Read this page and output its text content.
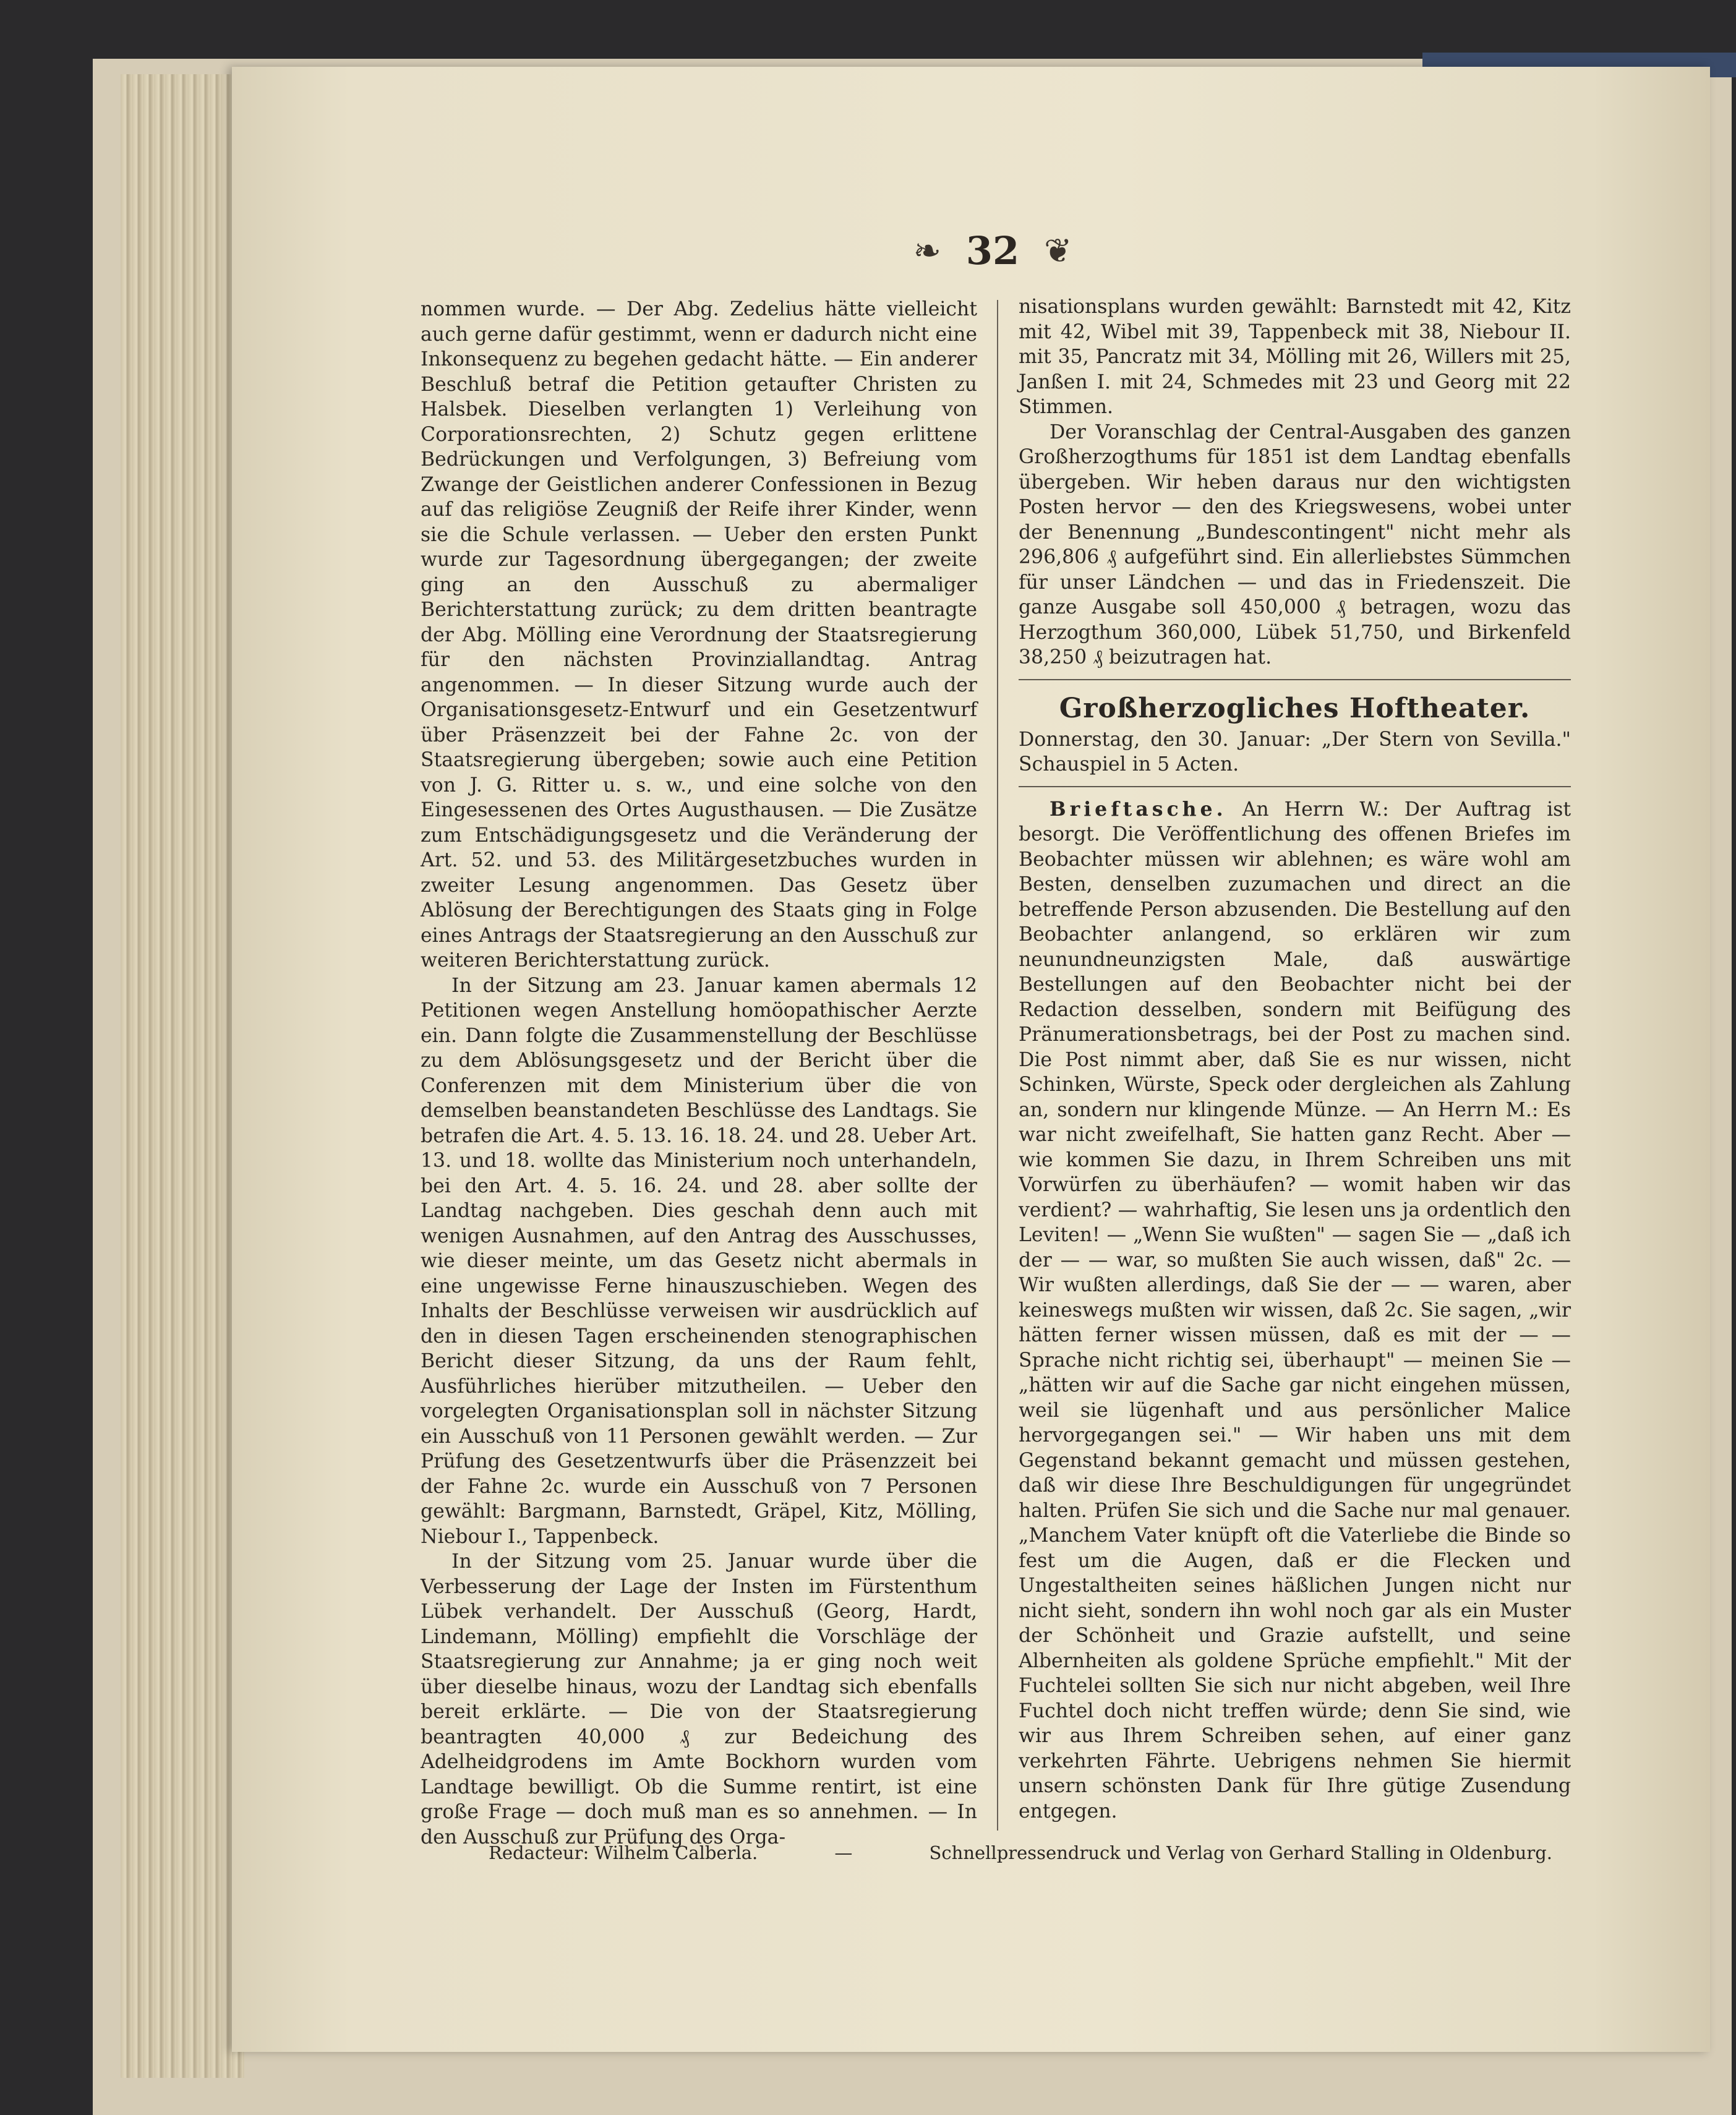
❧ 32 ❦

nommen wurde. — Der Abg. Zedelius hätte vielleicht auch gerne dafür gestimmt, wenn er dadurch nicht eine Inkonsequenz zu begehen gedacht hätte. — Ein anderer Beschluß betraf die Petition getaufter Christen zu Halsbek. Dieselben verlangten 1) Verleihung von Corporationsrechten, 2) Schutz gegen erlittene Bedrückungen und Verfolgungen, 3) Befreiung vom Zwange der Geistlichen anderer Confessionen in Bezug auf das religiöse Zeugniß der Reife ihrer Kinder, wenn sie die Schule verlassen. — Ueber den ersten Punkt wurde zur Tagesordnung übergegangen; der zweite ging an den Ausschuß zu abermaliger Berichterstattung zurück; zu dem dritten beantragte der Abg. Mölling eine Verordnung der Staatsregierung für den nächsten Provinziallandtag. Antrag angenommen. — In dieser Sitzung wurde auch der Organisationsgesetz-Entwurf und ein Gesetzentwurf über Präsenzzeit bei der Fahne 2c. von der Staatsregierung übergeben; sowie auch eine Petition von J. G. Ritter u. s. w., und eine solche von den Eingesessenen des Ortes Augusthausen. — Die Zusätze zum Entschädigungsgesetz und die Veränderung der Art. 52. und 53. des Militärgesetzbuches wurden in zweiter Lesung angenommen. Das Gesetz über Ablösung der Berechtigungen des Staats ging in Folge eines Antrags der Staatsregierung an den Ausschuß zur weiteren Berichterstattung zurück.

In der Sitzung am 23. Januar kamen abermals 12 Petitionen wegen Anstellung homöopathischer Aerzte ein. Dann folgte die Zusammenstellung der Beschlüsse zu dem Ablösungsgesetz und der Bericht über die Conferenzen mit dem Ministerium über die von demselben beanstandeten Beschlüsse des Landtags. Sie betrafen die Art. 4. 5. 13. 16. 18. 24. und 28. Ueber Art. 13. und 18. wollte das Ministerium noch unterhandeln, bei den Art. 4. 5. 16. 24. und 28. aber sollte der Landtag nachgeben. Dies geschah denn auch mit wenigen Ausnahmen, auf den Antrag des Ausschusses, wie dieser meinte, um das Gesetz nicht abermals in eine ungewisse Ferne hinauszuschieben. Wegen des Inhalts der Beschlüsse verweisen wir ausdrücklich auf den in diesen Tagen erscheinenden stenographischen Bericht dieser Sitzung, da uns der Raum fehlt, Ausführliches hierüber mitzutheilen. — Ueber den vorgelegten Organisationsplan soll in nächster Sitzung ein Ausschuß von 11 Personen gewählt werden. — Zur Prüfung des Gesetzentwurfs über die Präsenzzeit bei der Fahne 2c. wurde ein Ausschuß von 7 Personen gewählt: Bargmann, Barnstedt, Gräpel, Kitz, Mölling, Niebour I., Tappenbeck.

In der Sitzung vom 25. Januar wurde über die Verbesserung der Lage der Insten im Fürstenthum Lübek verhandelt. Der Ausschuß (Georg, Hardt, Lindemann, Mölling) empfiehlt die Vorschläge der Staatsregierung zur Annahme; ja er ging noch weit über dieselbe hinaus, wozu der Landtag sich ebenfalls bereit erklärte. — Die von der Staatsregierung beantragten 40,000 ₰ zur Bedeichung des Adelheidgrodens im Amte Bockhorn wurden vom Landtage bewilligt. Ob die Summe rentirt, ist eine große Frage — doch muß man es so annehmen. — In den Ausschuß zur Prüfung des Orga-

nisationsplans wurden gewählt: Barnstedt mit 42, Kitz mit 42, Wibel mit 39, Tappenbeck mit 38, Niebour II. mit 35, Pancratz mit 34, Mölling mit 26, Willers mit 25, Janßen I. mit 24, Schmedes mit 23 und Georg mit 22 Stimmen.

Der Voranschlag der Central-Ausgaben des ganzen Großherzogthums für 1851 ist dem Landtag ebenfalls übergeben. Wir heben daraus nur den wichtigsten Posten hervor — den des Kriegswesens, wobei unter der Benennung „Bundescontingent" nicht mehr als 296,806 ₰ aufgeführt sind. Ein allerliebstes Sümmchen für unser Ländchen — und das in Friedenszeit. Die ganze Ausgabe soll 450,000 ₰ betragen, wozu das Herzogthum 360,000, Lübek 51,750, und Birkenfeld 38,250 ₰ beizutragen hat.

Großherzogliches Hoftheater.

Donnerstag, den 30. Januar: „Der Stern von Sevilla." Schauspiel in 5 Acten.

Brieftasche. An Herrn W.: Der Auftrag ist besorgt. Die Veröffentlichung des offenen Briefes im Beobachter müssen wir ablehnen; es wäre wohl am Besten, denselben zuzumachen und direct an die betreffende Person abzusenden. Die Bestellung auf den Beobachter anlangend, so erklären wir zum neunundneunzigsten Male, daß auswärtige Bestellungen auf den Beobachter nicht bei der Redaction desselben, sondern mit Beifügung des Pränumerationsbetrags, bei der Post zu machen sind. Die Post nimmt aber, daß Sie es nur wissen, nicht Schinken, Würste, Speck oder dergleichen als Zahlung an, sondern nur klingende Münze. — An Herrn M.: Es war nicht zweifelhaft, Sie hatten ganz Recht. Aber — wie kommen Sie dazu, in Ihrem Schreiben uns mit Vorwürfen zu überhäufen? — womit haben wir das verdient? — wahrhaftig, Sie lesen uns ja ordentlich den Leviten! — „Wenn Sie wußten" — sagen Sie — „daß ich der — — war, so mußten Sie auch wissen, daß" 2c. — Wir wußten allerdings, daß Sie der — — waren, aber keineswegs mußten wir wissen, daß 2c. Sie sagen, „wir hätten ferner wissen müssen, daß es mit der — — Sprache nicht richtig sei, überhaupt" — meinen Sie — „hätten wir auf die Sache gar nicht eingehen müssen, weil sie lügenhaft und aus persönlicher Malice hervorgegangen sei." — Wir haben uns mit dem Gegenstand bekannt gemacht und müssen gestehen, daß wir diese Ihre Beschuldigungen für ungegründet halten. Prüfen Sie sich und die Sache nur mal genauer. „Manchem Vater knüpft oft die Vaterliebe die Binde so fest um die Augen, daß er die Flecken und Ungestaltheiten seines häßlichen Jungen nicht nur nicht sieht, sondern ihn wohl noch gar als ein Muster der Schönheit und Grazie aufstellt, und seine Albernheiten als goldene Sprüche empfiehlt." Mit der Fuchtelei sollten Sie sich nur nicht abgeben, weil Ihre Fuchtel doch nicht treffen würde; denn Sie sind, wie wir aus Ihrem Schreiben sehen, auf einer ganz verkehrten Fährte. Uebrigens nehmen Sie hiermit unsern schönsten Dank für Ihre gütige Zusendung entgegen.

Redacteur: Wilhelm Calberla.	—	Schnellpressendruck und Verlag von Gerhard Stalling in Oldenburg.
